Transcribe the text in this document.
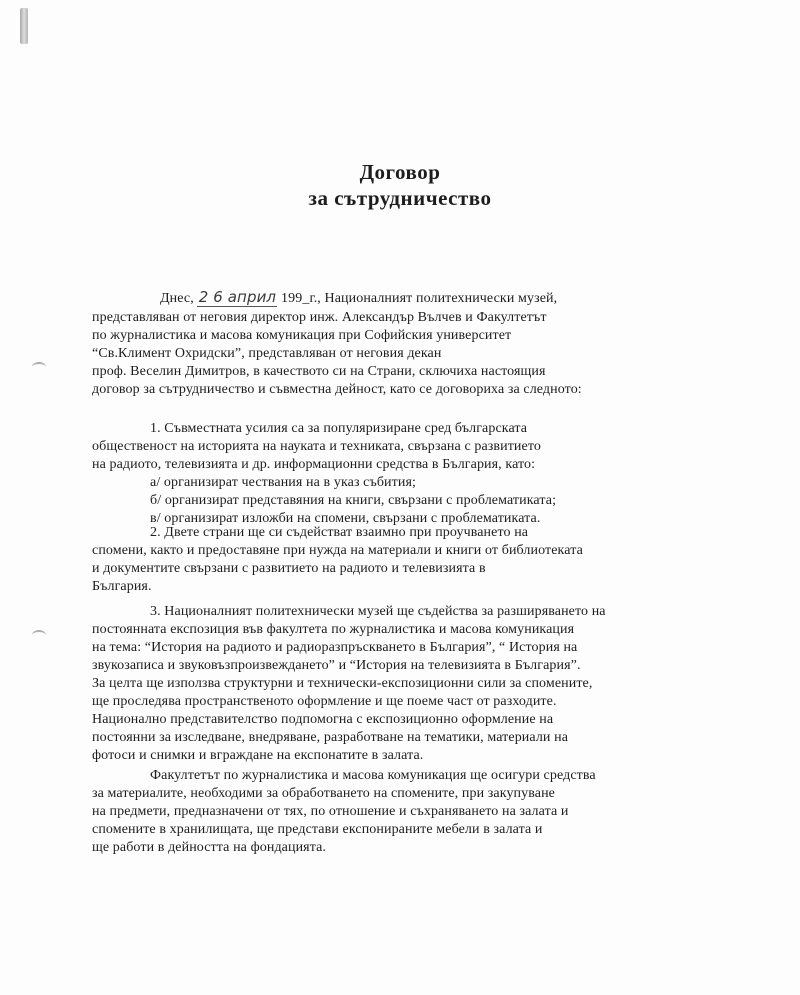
Договор
за сътрудничество
Днес, 2 6 април 199_г., Националният политехнически музей,
представляван от неговия директор инж. Александър Вълчев и Факултетът
по журналистика и масова комуникация при Софийския университет
“Св.Климент Охридски”, представляван от неговия декан
проф. Веселин Димитров, в качеството си на Страни, сключиха настоящия
договор за сътрудничество и съвместна дейност, като се договориха за следното:
1. Съвместната усилия са за популяризиране сред българската
общественост на историята на науката и техниката, свързана с развитието
на радиото, телевизията и др. информационни средства в България, като:
а/ организират чествания на в указ събития;
б/ организират представяния на книги, свързани с проблематиката;
в/ организират изложби на спомени, свързани с проблематиката.
2. Двете страни ще си съдействат взаимно при проучването на
спомени, както и предоставяне при нужда на материали и книги от библиотеката
и документите свързани с развитието на радиото и телевизията в
България.
3. Националният политехнически музей ще съдейства за разширяването на
постоянната експозиция във факултета по журналистика и масова комуникация
на тема: “История на радиото и радиоразпръскването в България”, “ История на
звукозаписа и звуковъзпроизвеждането” и “История на телевизията в България”.
За целта ще използва структурни и технически-експозиционни сили за спомените,
ще проследява пространственото оформление и ще поеме част от разходите.
Национално представителство подпомогна с експозиционно оформление на
постоянни за изследване, внедряване, разработване на тематики, материали на
фотоси и снимки и вграждане на експонатите в залата.
Факултетът по журналистика и масова комуникация ще осигури средства
за материалите, необходими за обработването на спомените, при закупуване
на предмети, предназначени от тях, по отношение и съхраняването на залата и
спомените в хранилищата, ще представи експонираните мебели в залата и
ще работи в дейността на фондацията.
